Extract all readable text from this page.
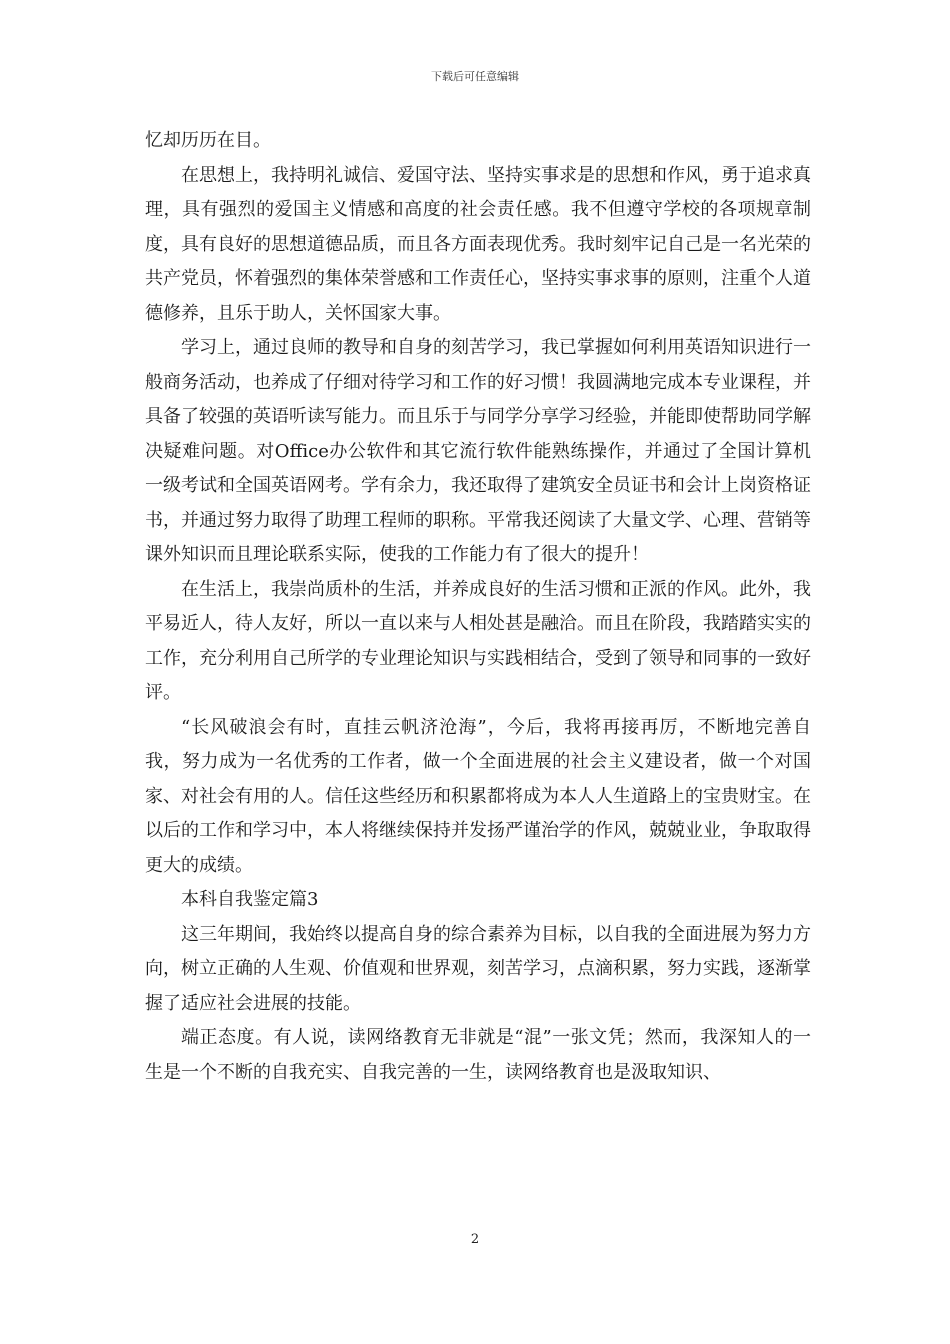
下载后可任意编辑

忆却历历在目。

在思想上，我持明礼诚信、爱国守法、坚持实事求是的思想和作风，勇于追求真理，具有强烈的爱国主义情感和高度的社会责任感。我不但遵守学校的各项规章制度，具有良好的思想道德品质，而且各方面表现优秀。我时刻牢记自己是一名光荣的共产党员，怀着强烈的集体荣誉感和工作责任心，坚持实事求事的原则，注重个人道德修养，且乐于助人，关怀国家大事。

学习上，通过良师的教导和自身的刻苦学习，我已掌握如何利用英语知识进行一般商务活动，也养成了仔细对待学习和工作的好习惯！我圆满地完成本专业课程，并具备了较强的英语听读写能力。而且乐于与同学分享学习经验，并能即使帮助同学解决疑难问题。对Office办公软件和其它流行软件能熟练操作，并通过了全国计算机一级考试和全国英语网考。学有余力，我还取得了建筑安全员证书和会计上岗资格证书，并通过努力取得了助理工程师的职称。平常我还阅读了大量文学、心理、营销等课外知识而且理论联系实际，使我的工作能力有了很大的提升！

在生活上，我崇尚质朴的生活，并养成良好的生活习惯和正派的作风。此外，我平易近人，待人友好，所以一直以来与人相处甚是融洽。而且在阶段，我踏踏实实的工作，充分利用自己所学的专业理论知识与实践相结合，受到了领导和同事的一致好评。

“长风破浪会有时，直挂云帆济沧海”，今后，我将再接再厉，不断地完善自我，努力成为一名优秀的工作者，做一个全面进展的社会主义建设者，做一个对国家、对社会有用的人。信任这些经历和积累都将成为本人人生道路上的宝贵财宝。在以后的工作和学习中，本人将继续保持并发扬严谨治学的作风，兢兢业业，争取取得更大的成绩。

本科自我鉴定篇3

这三年期间，我始终以提高自身的综合素养为目标，以自我的全面进展为努力方向，树立正确的人生观、价值观和世界观，刻苦学习，点滴积累，努力实践，逐渐掌握了适应社会进展的技能。

端正态度。有人说，读网络教育无非就是“混”一张文凭；然而，我深知人的一生是一个不断的自我充实、自我完善的一生，读网络教育也是汲取知识、

2
